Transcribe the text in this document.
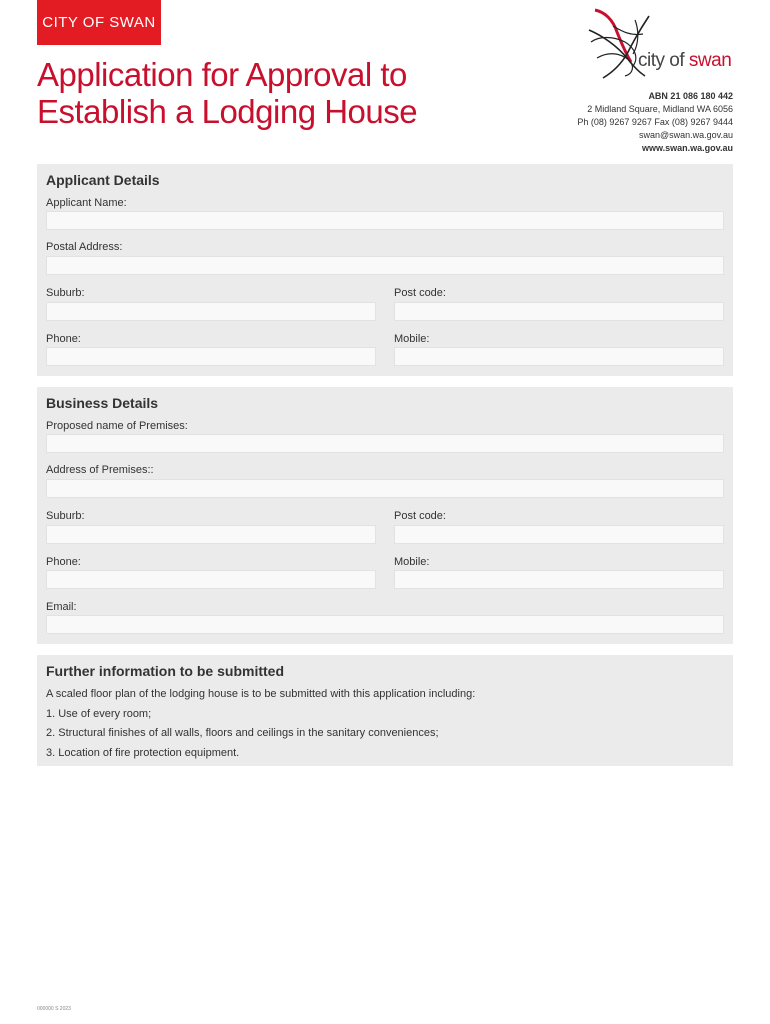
CITY OF SWAN
Application for Approval to
Establish a Lodging House
city of swan
ABN 21 086 180 442
2 Midland Square, Midland WA 6056
Ph (08) 9267 9267 Fax (08) 9267 9444
swan@swan.wa.gov.au
www.swan.wa.gov.au
Applicant Details
Applicant Name:
Postal Address:
Suburb:	Post code:
Phone:	Mobile:
Business Details
Proposed name of Premises:
Address of Premises::
Suburb:	Post code:
Phone:	Mobile:
Email:
Further information to be submitted
A scaled floor plan of the lodging house is to be submitted with this application including:
1. Use of every room;
2. Structural finishes of all walls, floors and ceilings in the sanitary conveniences;
3. Location of fire protection equipment.
000000 S 2023
